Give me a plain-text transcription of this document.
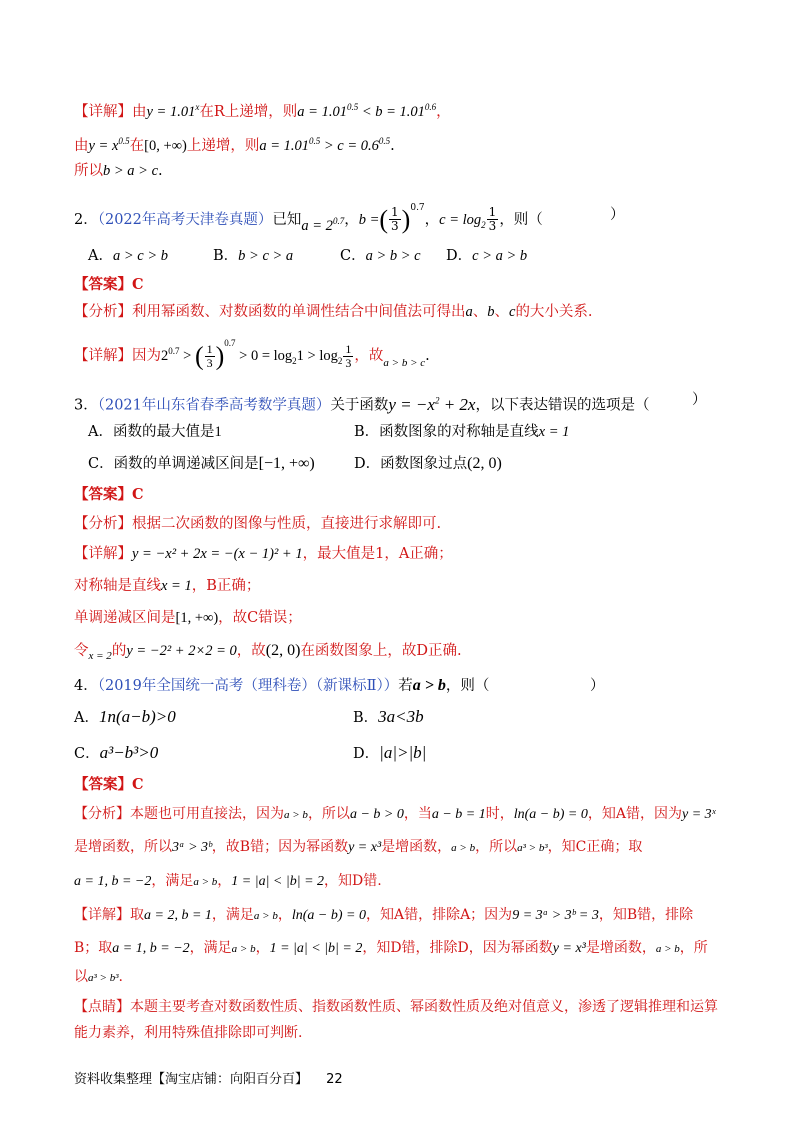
【详解】由$y = 1.01^x$在R上递增，则$a = 1.01^{0.5} < b = 1.01^{0.6}$，
由$y = x^{0.5}$在[0, +∞)上递增，则$a = 1.01^{0.5} > c = 0.6^{0.5}$.
所以b > a > c.
2．（2022年高考天津卷真题）已知$a = 2^{0.7}$，b =( $\frac{1}{3} )^{0.7}$，$c = \log_2 \frac{1}{3}$ ，则（	）
A．a > c > b	B．b > c > a	C．a > b > c D．c > a > b
【答案】C
【分析】利用幂函数、对数函数的单调性结合中间值法可得出a、b、c的大小关系.
【详解】因为$2^{0.7}$ > ( $\frac{1}{3} )^{0.7} > 0 = \log_21 > \log_2 \frac{1}{3}$ ，故$_{a > b > c}$.
3．（2021年山东省春季高考数学真题）关于函数$y = -x^2 + 2x$，以下表达错误的选项是（	）
A．函数的最大值是1	B．函数图象的对称轴是直线x = 1
C．函数的单调递减区间是[−1, +∞)	D．函数图象过点(2, 0)
【答案】C
【分析】根据二次函数的图像与性质，直接进行求解即可.
【详解】y = −x² + 2x = −(x − 1)² + 1，最大值是1，A正确；
对称轴是直线x = 1，B正确；
单调递减区间是[1, +∞)，故C错误；
令$_{x = 2}$的y = −2² + 2×2 = 0，故(2, 0)在函数图象上，故D正确.
4．（2019年全国统一高考（理科卷）（新课标Ⅱ））若a > b，则（	）
A．1n(a−b)>0	B．3a<3b
C．a³−b³>0	D．|a|>|b|
【答案】C
【分析】本题也可用直接法，因为a > b，所以a − b > 0，当a − b = 1时，ln(a − b) = 0，知A错，因为y = 3ˣ
是增函数，所以3ᵃ > 3ᵇ，故B错；因为幂函数y = x³是增函数，a > b，所以a³ > b³，知C正确；取
a = 1, b = −2，满足a > b，1 = |a| < |b| = 2，知D错.
【详解】取a = 2, b = 1，满足a > b，ln(a − b) = 0，知A错，排除A；因为9 = 3ᵃ > 3ᵇ = 3，知B错，排除
B；取a = 1, b = −2，满足a > b，1 = |a| < |b| = 2，知D错，排除D，因为幂函数y = x³是增函数，a > b，所
以a³ > b³.
【点睛】本题主要考查对数函数性质、指数函数性质、幂函数性质及绝对值意义，渗透了逻辑推理和运算
能力素养，利用特殊值排除即可判断.
资料收集整理【淘宝店铺：向阳百分百】 22
